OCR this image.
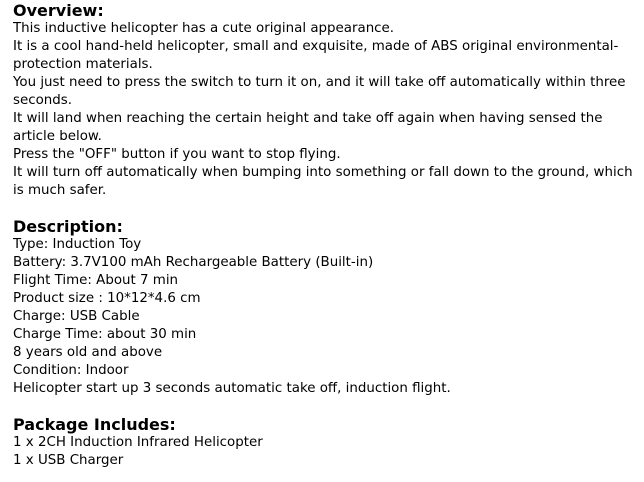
Overview:
This inductive helicopter has a cute original appearance.
It is a cool hand-held helicopter, small and exquisite, made of ABS original environmental-protection materials.
You just need to press the switch to turn it on, and it will take off automatically within three seconds.
It will land when reaching the certain height and take off again when having sensed the article below.
Press the "OFF" button if you want to stop flying.
It will turn off automatically when bumping into something or fall down to the ground, which is much safer.
Description:
Type: Induction Toy
Battery: 3.7V100 mAh Rechargeable Battery (Built-in)
Flight Time: About 7 min
Product size : 10*12*4.6 cm
Charge: USB Cable
Charge Time: about 30 min
8 years old and above
Condition: Indoor
Helicopter start up 3 seconds automatic take off, induction flight.
Package Includes:
1 x 2CH Induction Infrared Helicopter
1 x USB Charger
